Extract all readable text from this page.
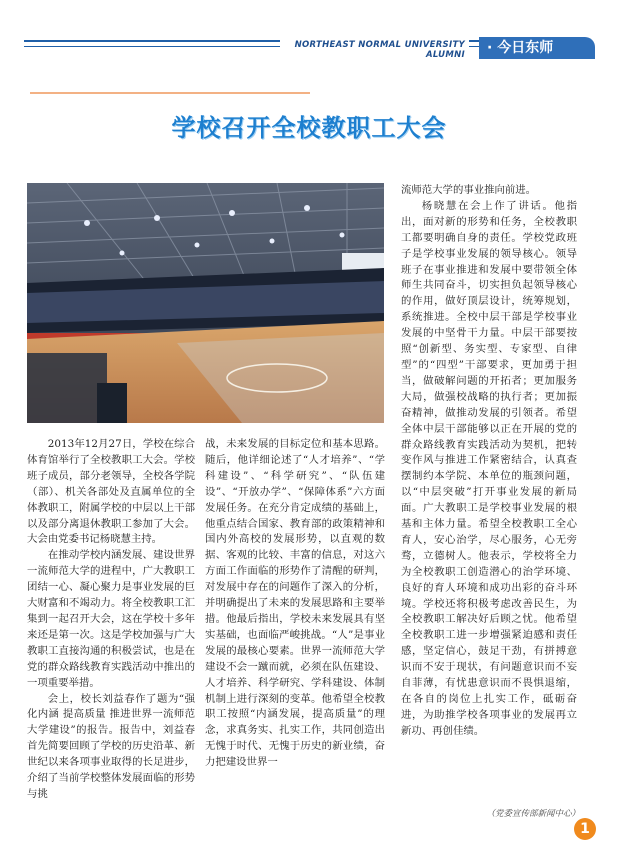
NORTHEAST NORMAL UNIVERSITY ALUMNI	· 今日东师
学校召开全校教职工大会

2013年12月27日，学校在综合体育馆举行了全校教职工大会。学校班子成员，部分老领导，全校各学院（部）、机关各部处及直属单位的全体教职工，附属学校的中层以上干部以及部分离退休教职工参加了大会。大会由党委书记杨晓慧主持。

在推动学校内涵发展、建设世界一流师范大学的进程中，广大教职工团结一心、凝心聚力是事业发展的巨大财富和不竭动力。将全校教职工汇集到一起召开大会，这在学校十多年来还是第一次。这是学校加强与广大教职工直接沟通的积极尝试，也是在党的群众路线教育实践活动中推出的一项重要举措。

会上，校长刘益春作了题为“强化内涵 提高质量 推进世界一流师范大学建设”的报告。报告中，刘益春首先简要回顾了学校的历史沿革、新世纪以来各项事业取得的长足进步，介绍了当前学校整体发展面临的形势与挑

战，未来发展的目标定位和基本思路。随后，他详细论述了“人才培养”、“学科建设”、“科学研究”、“队伍建设”、“开放办学”、“保障体系”六方面发展任务。在充分肯定成绩的基础上，他重点结合国家、教育部的政策精神和国内外高校的发展形势，以直观的数据、客观的比较、丰富的信息，对这六方面工作面临的形势作了清醒的研判，对发展中存在的问题作了深入的分析，并明确提出了未来的发展思路和主要举措。他最后指出，学校未来发展具有坚实基础，也面临严峻挑战。“人”是事业发展的最核心要素。世界一流师范大学建设不会一蹴而就，必须在队伍建设、人才培养、科学研究、学科建设、体制机制上进行深刻的变革。他希望全校教职工按照“内涵发展，提高质量”的理念，求真务实、扎实工作，共同创造出无愧于时代、无愧于历史的新业绩，奋力把建设世界一

流师范大学的事业推向前进。

杨晓慧在会上作了讲话。他指出，面对新的形势和任务，全校教职工都要明确自身的责任。学校党政班子是学校事业发展的领导核心。领导班子在事业推进和发展中要带领全体师生共同奋斗，切实担负起领导核心的作用，做好顶层设计，统筹规划，系统推进。全校中层干部是学校事业发展的中坚骨干力量。中层干部要按照“创新型、务实型、专家型、自律型”的“四型”干部要求，更加勇于担当，做破解问题的开拓者；更加服务大局，做强校战略的执行者；更加振奋精神，做推动发展的引领者。希望全体中层干部能够以正在开展的党的群众路线教育实践活动为契机，把转变作风与推进工作紧密结合，认真查摆制约本学院、本单位的瓶颈问题，以“中层突破”打开事业发展的新局面。广大教职工是学校事业发展的根基和主体力量。希望全校教职工全心育人，安心治学，尽心服务，心无旁骛，立德树人。他表示，学校将全力为全校教职工创造潜心的治学环境、良好的育人环境和成功出彩的奋斗环境。学校还将积极考虑改善民生，为全校教职工解决好后顾之忧。他希望全校教职工进一步增强紧迫感和责任感，坚定信心，鼓足干劲，有拼搏意识而不安于现状，有问题意识而不妄自菲薄，有忧患意识而不畏惧退缩，在各自的岗位上扎实工作，砥砺奋进，为助推学校各项事业的发展再立新功、再创佳绩。

（党委宣传部新闻中心）
1
